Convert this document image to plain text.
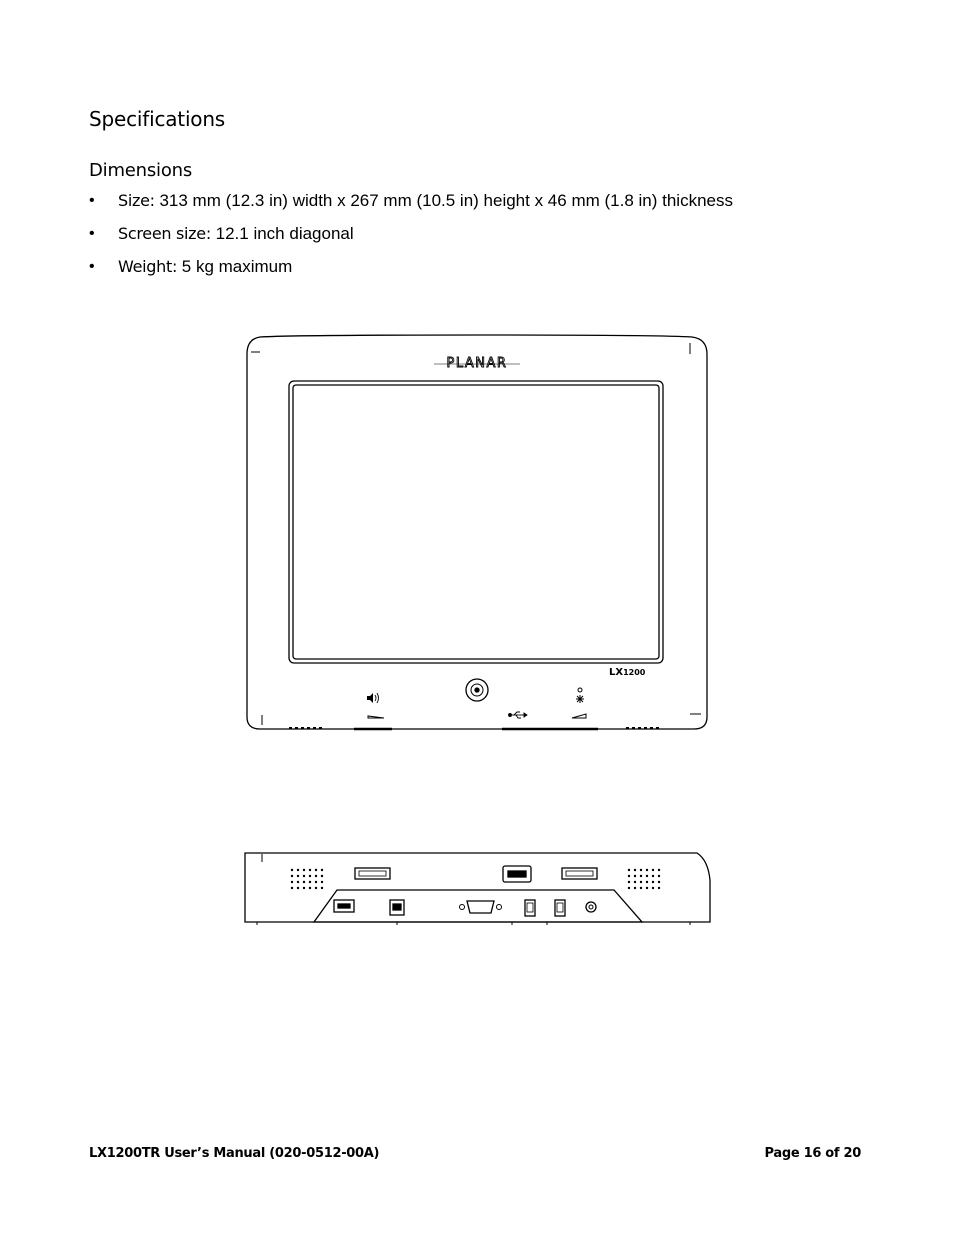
Specifications
Dimensions
• Size: 313 mm (12.3 in) width x 267 mm (10.5 in) height x 46 mm (1.8 in) thickness
• Screen size: 12.1 inch diagonal
• Weight: 5 kg maximum
PLANAR
LX1200
LX1200TR User’s Manual (020-0512-00A)	Page 16 of 20
